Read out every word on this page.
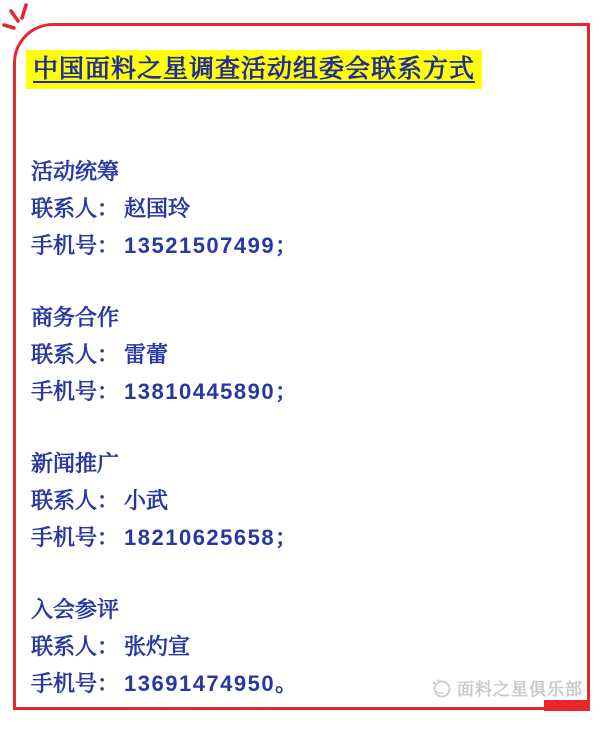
中国面料之星调查活动组委会联系方式
活动统筹
联系人： 赵国玲
手机号： 13521507499；
商务合作
联系人： 雷蕾
手机号： 13810445890；
新闻推广
联系人： 小武
手机号： 18210625658；
入会参评
联系人： 张灼宣
手机号： 13691474950。	面料之星俱乐部
